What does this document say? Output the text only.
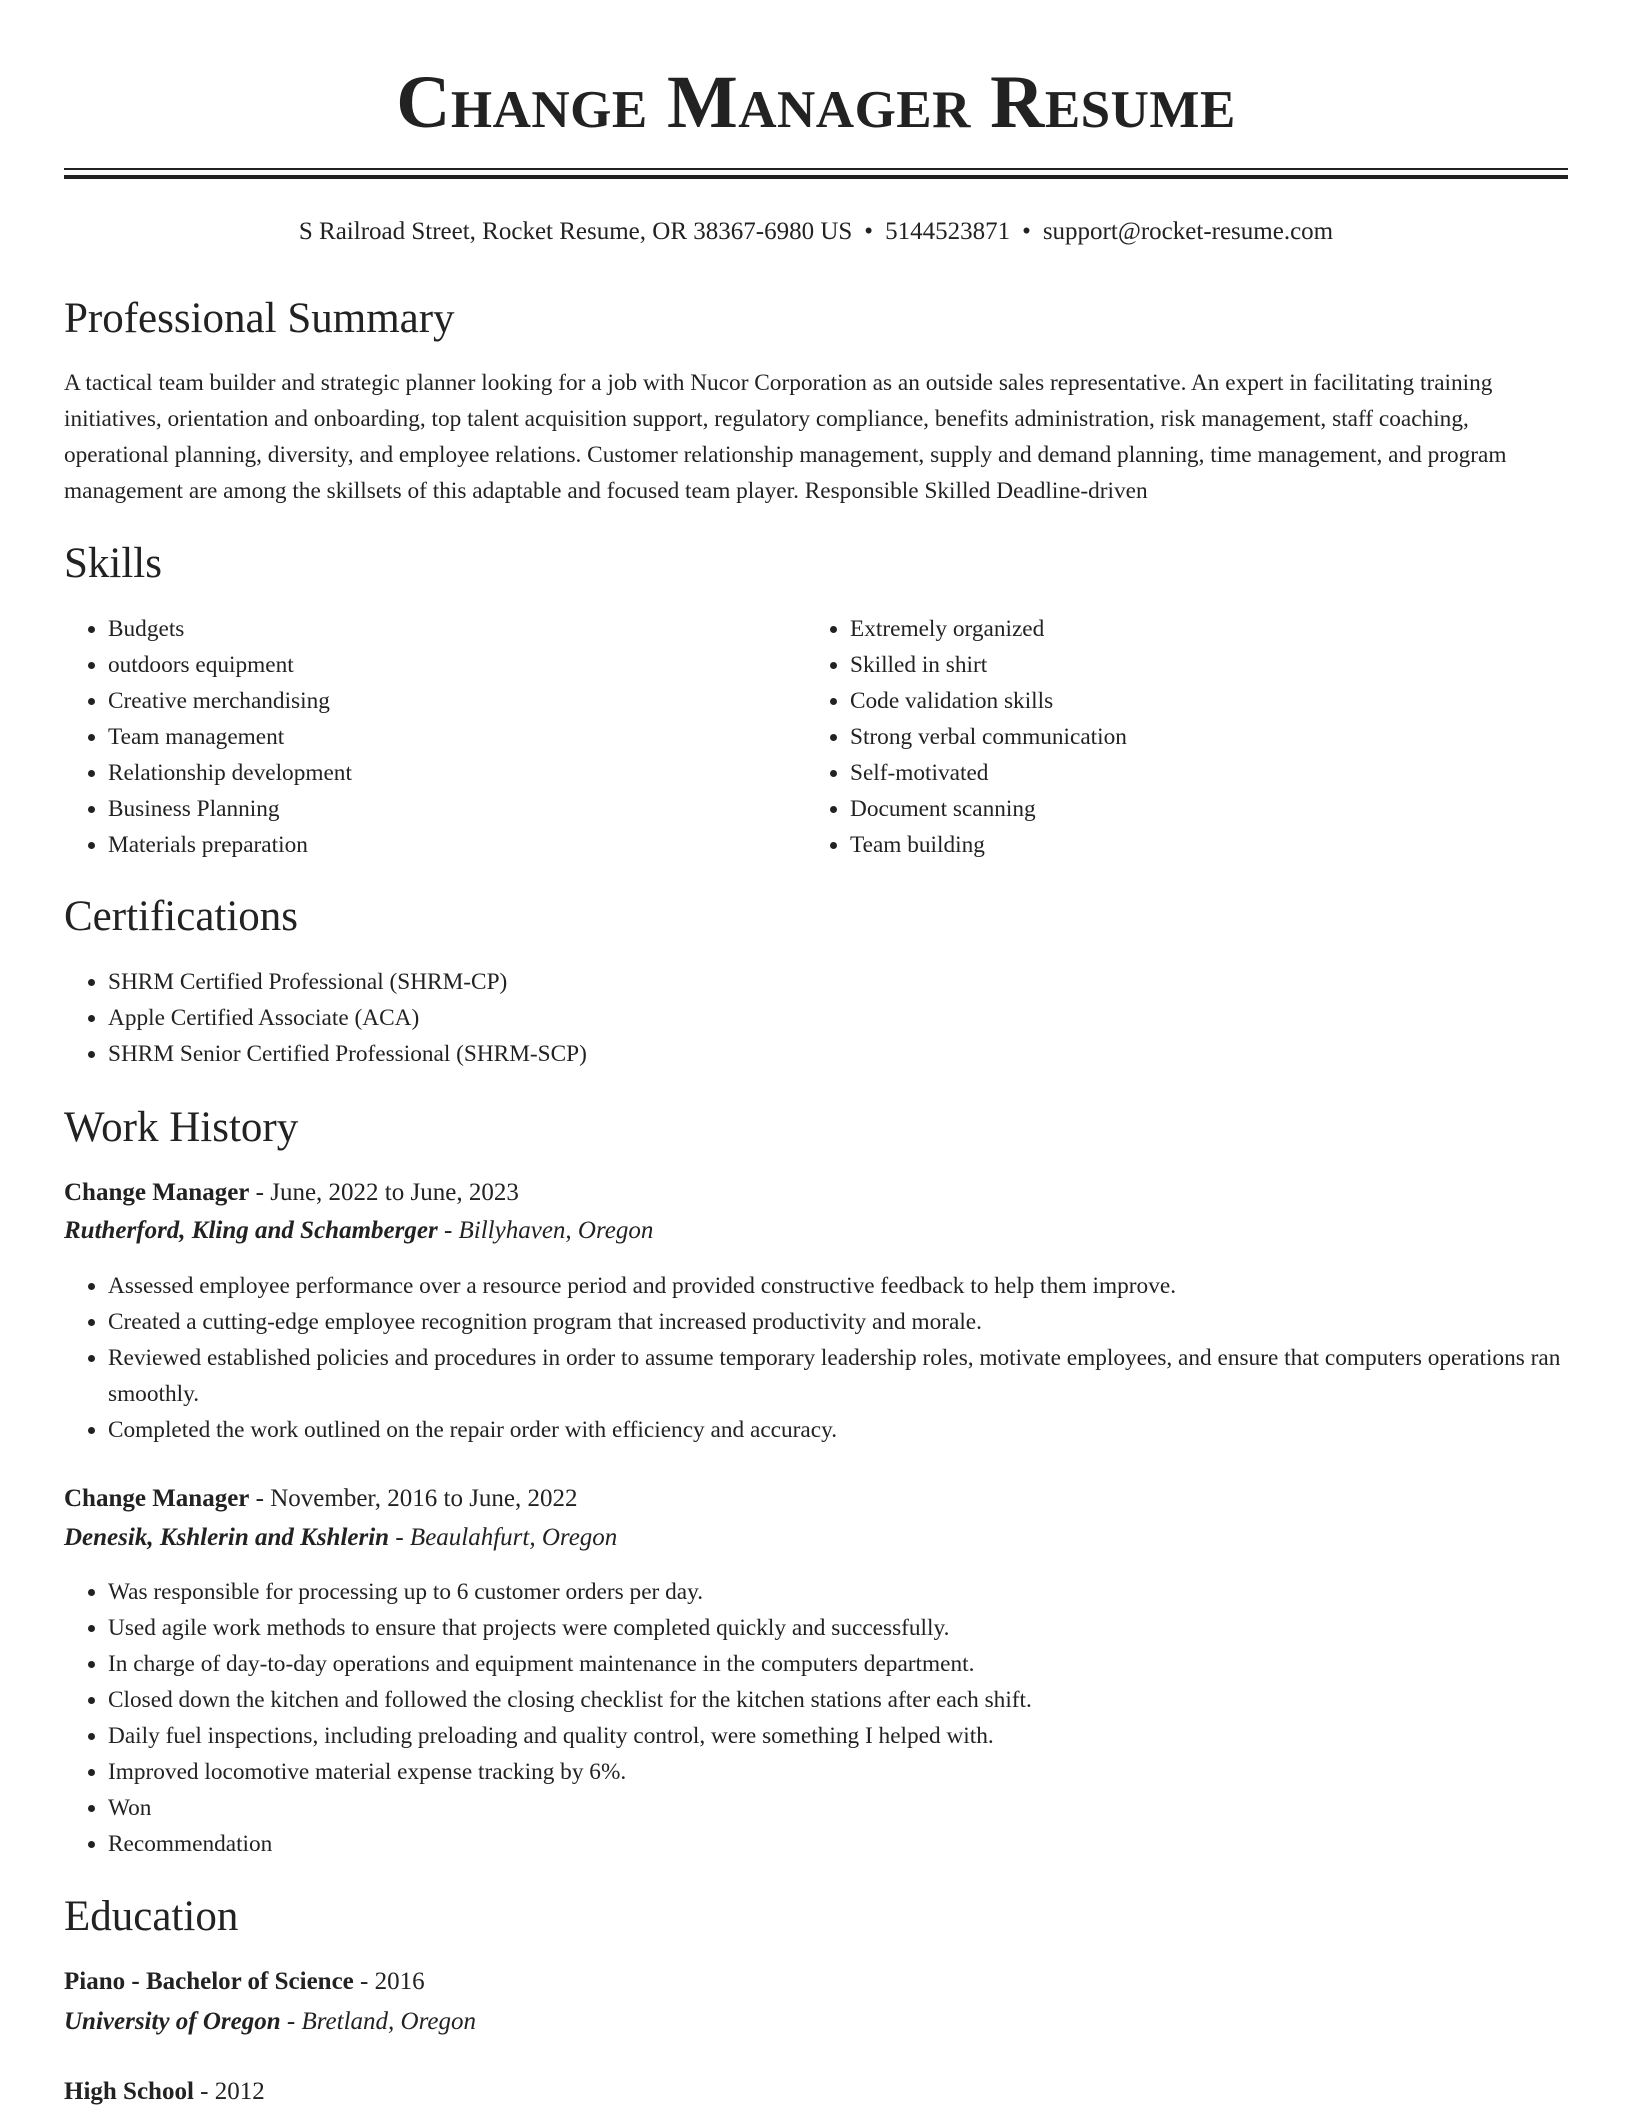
Change Manager Resume
S Railroad Street, Rocket Resume, OR 38367-6980 US • 5144523871 • support@rocket-resume.com
Professional Summary
A tactical team builder and strategic planner looking for a job with Nucor Corporation as an outside sales representative. An expert in facilitating training initiatives, orientation and onboarding, top talent acquisition support, regulatory compliance, benefits administration, risk management, staff coaching, operational planning, diversity, and employee relations. Customer relationship management, supply and demand planning, time management, and program management are among the skillsets of this adaptable and focused team player. Responsible Skilled Deadline-driven
Skills
• Budgets
• outdoors equipment
• Creative merchandising
• Team management
• Relationship development
• Business Planning
• Materials preparation
• Extremely organized
• Skilled in shirt
• Code validation skills
• Strong verbal communication
• Self-motivated
• Document scanning
• Team building
Certifications
• SHRM Certified Professional (SHRM-CP)
• Apple Certified Associate (ACA)
• SHRM Senior Certified Professional (SHRM-SCP)
Work History
Change Manager - June, 2022 to June, 2023
Rutherford, Kling and Schamberger - Billyhaven, Oregon
• Assessed employee performance over a resource period and provided constructive feedback to help them improve.
• Created a cutting-edge employee recognition program that increased productivity and morale.
• Reviewed established policies and procedures in order to assume temporary leadership roles, motivate employees, and ensure that computers operations ran smoothly.
• Completed the work outlined on the repair order with efficiency and accuracy.
Change Manager - November, 2016 to June, 2022
Denesik, Kshlerin and Kshlerin - Beaulahfurt, Oregon
• Was responsible for processing up to 6 customer orders per day.
• Used agile work methods to ensure that projects were completed quickly and successfully.
• In charge of day-to-day operations and equipment maintenance in the computers department.
• Closed down the kitchen and followed the closing checklist for the kitchen stations after each shift.
• Daily fuel inspections, including preloading and quality control, were something I helped with.
• Improved locomotive material expense tracking by 6%.
• Won
• Recommendation
Education
Piano - Bachelor of Science - 2016
University of Oregon - Bretland, Oregon
High School - 2012
